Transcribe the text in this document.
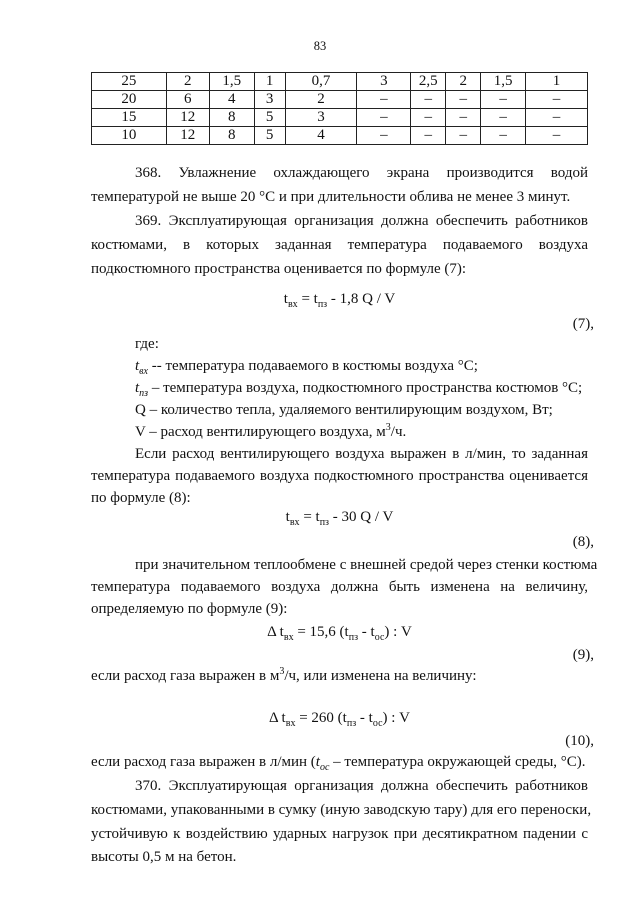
83
25	2	1,5	1	0,7	3	2,5	2	1,5	1
20	6	4	3	2	–	–	–	–	–
15	12	8	5	3	–	–	–	–	–
10	12	8	5	4	–	–	–	–	–
368. Увлажнение охлаждающего экрана производится водой
температурой не выше 20 °С и при длительности облива не менее 3 минут.
369. Эксплуатирующая организация должна обеспечить работников
костюмами, в которых заданная температура подаваемого воздуха
подкостюмного пространства оценивается по формуле (7):
$t_{вх} = t_{пз} - 1,8$ Q / V
(7),
где:
$t_{вх}$ -- температура подаваемого в костюмы воздуха °С;
$t_{пз}$ – температура воздуха, подкостюмного пространства костюмов °С;
Q – количество тепла, удаляемого вентилирующим воздухом, Вт;
V – расход вентилирующего воздуха, $м^3/ч$.
Если расход вентилирующего воздуха выражен в л/мин, то заданная
температура подаваемого воздуха подкостюмного пространства оценивается
по формуле (8):
$t_{вх} = t_{пз} - 30$ Q / V
(8),
при значительном теплообмене с внешней средой через стенки костюма
температура подаваемого воздуха должна быть изменена на величину,
определяемую по формуле (9):
Δ $t_{вх} = 15,6$ $(t_{пз} - t_{ос})$ : V
(9),
если расход газа выражен в $м^3/ч$, или изменена на величину:
Δ $t_{вх} = 260$ $(t_{пз} - t_{ос})$ : V
(10),
если расход газа выражен в л/мин ($t_{ос}$ – температура окружающей среды, °С).
370. Эксплуатирующая организация должна обеспечить работников
костюмами, упакованными в сумку (иную заводскую тару) для его переноски,
устойчивую к воздействию ударных нагрузок при десятикратном падении с
высоты 0,5 м на бетон.
